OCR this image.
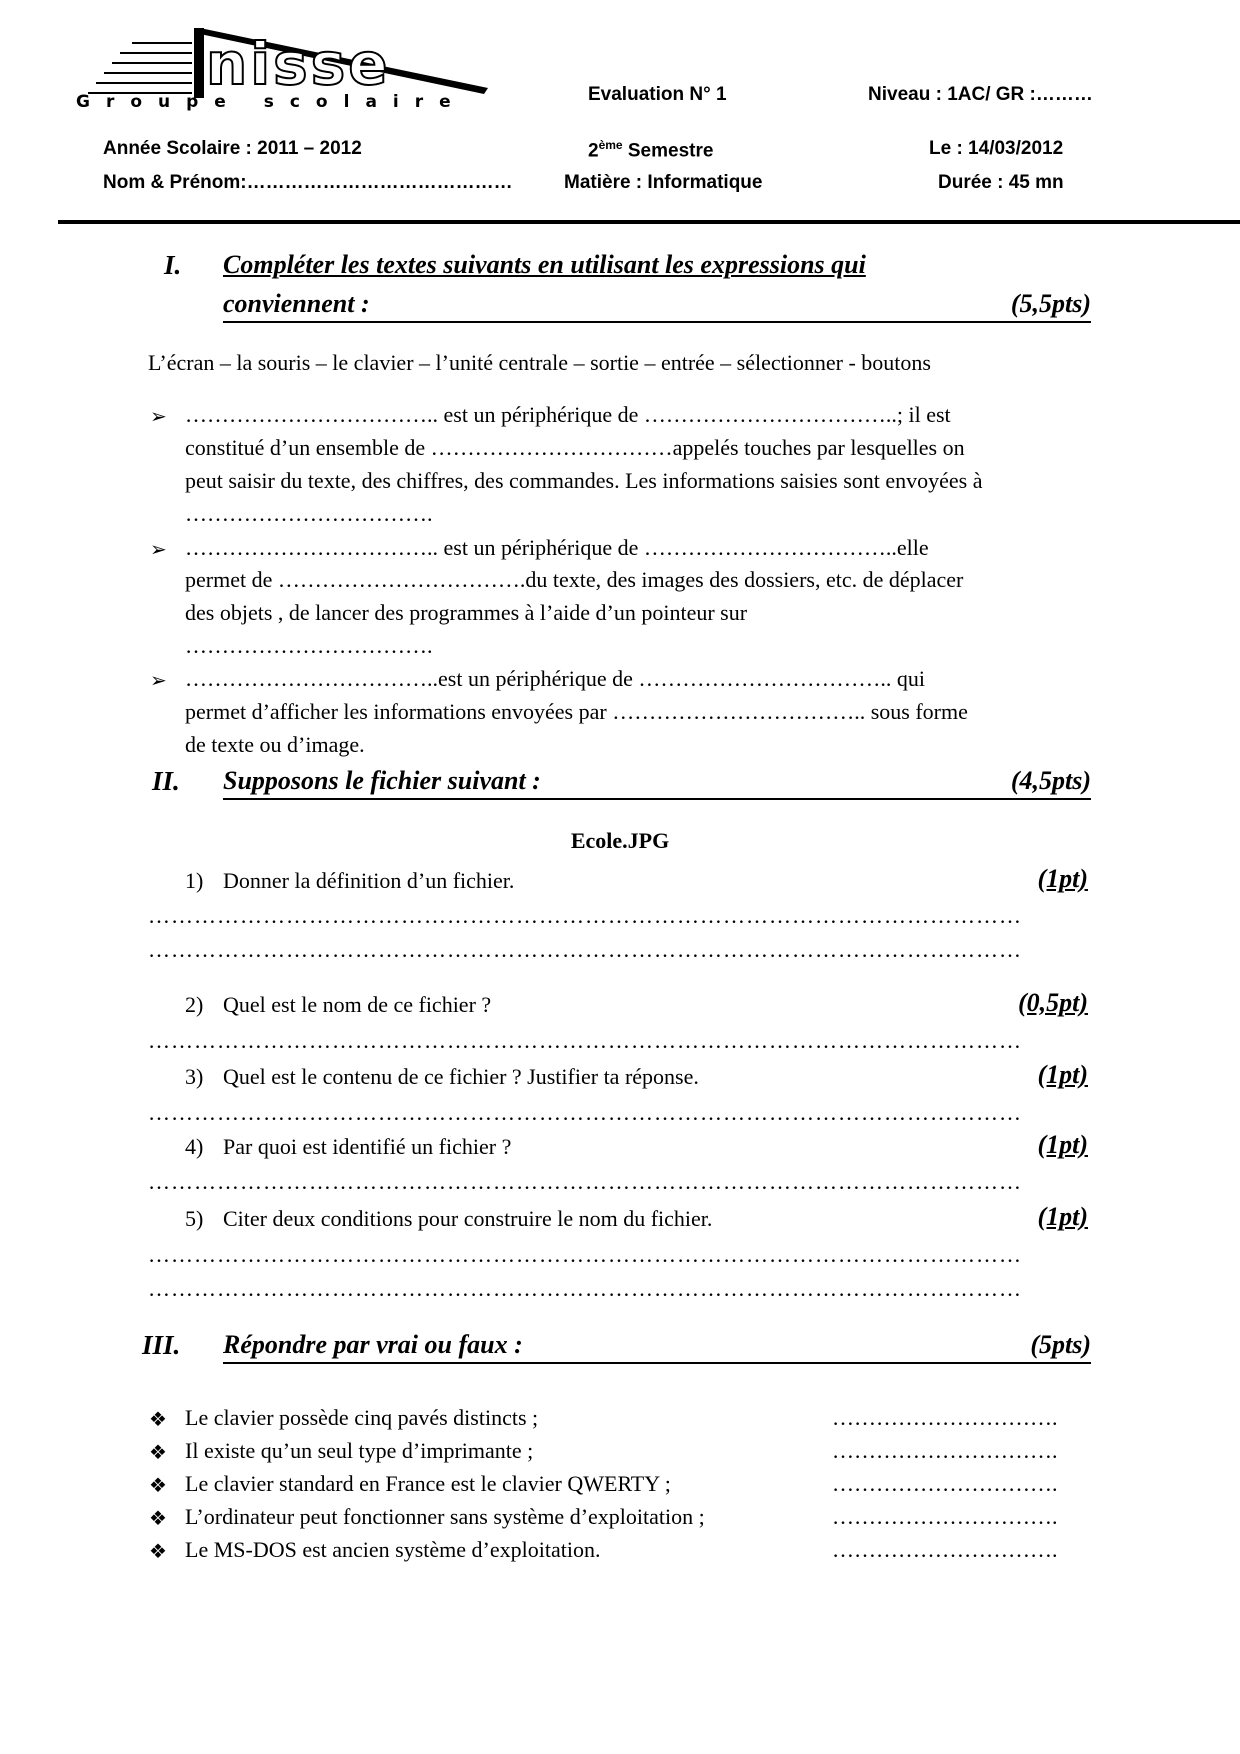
nisse
Groupe scolaire	Evaluation N° 1	Niveau : 1AC/ GR :………
Année Scolaire : 2011 – 2012	2ème Semestre	Le : 14/03/2012
Nom & Prénom:……………………………………	Matière : Informatique	Durée : 45 mn
I. Compléter les textes suivants en utilisant les expressions qui
conviennent :	(5,5pts)
L’écran – la souris – le clavier – l’unité centrale – sortie – entrée – sélectionner - boutons
➢ …………………………….. est un périphérique de ……………………………..; il est
constitué d’un ensemble de ……………………………appelés touches par lesquelles on
peut saisir du texte, des chiffres, des commandes. Les informations saisies sont envoyées à
…………………………….
➢ …………………………….. est un périphérique de ……………………………..elle
permet de …………………………….du texte, des images des dossiers, etc. de déplacer
des objets , de lancer des programmes à l’aide d’un pointeur sur
…………………………….
➢ ……………………………..est un périphérique de …………………………….. qui
permet d’afficher les informations envoyées par …………………………….. sous forme
de texte ou d’image.
II. Supposons le fichier suivant :	(4,5pts)
Ecole.JPG
1) Donner la définition d’un fichier.	(1pt)
……………………………………………………………………………………………………
……………………………………………………………………………………………………
2) Quel est le nom de ce fichier ?	(0,5pt)
……………………………………………………………………………………………………
3) Quel est le contenu de ce fichier ? Justifier ta réponse.	(1pt)
……………………………………………………………………………………………………
4) Par quoi est identifié un fichier ?	(1pt)
……………………………………………………………………………………………………
5) Citer deux conditions pour construire le nom du fichier.	(1pt)
……………………………………………………………………………………………………
……………………………………………………………………………………………………
III. Répondre par vrai ou faux :	(5pts)
❖ Le clavier possède cinq pavés distincts ;	………………………….
❖ Il existe qu’un seul type d’imprimante ;	………………………….
❖ Le clavier standard en France est le clavier QWERTY ;	………………………….
❖ L’ordinateur peut fonctionner sans système d’exploitation ;	………………………….
❖ Le MS-DOS est ancien système d’exploitation.	………………………….
